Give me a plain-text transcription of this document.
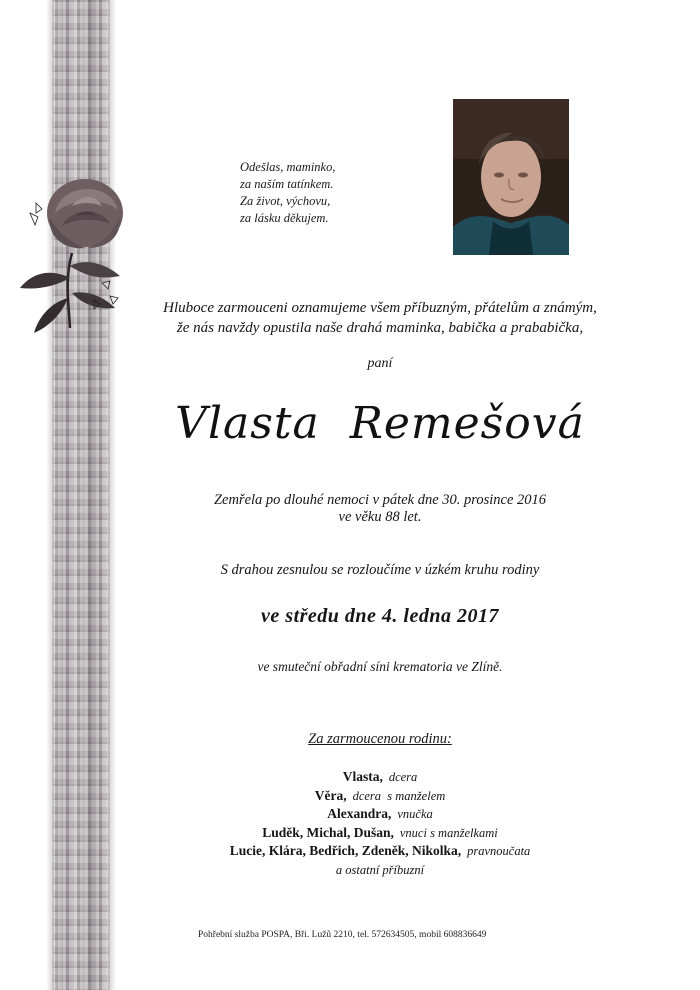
Odešlas, maminko,
za naším tatínkem.
Za život, výchovu,
za lásku děkujem.
Hluboce zarmouceni oznamujeme všem příbuzným, přátelům a známým,
že nás navždy opustila naše drahá maminka, babička a prababička,
paní
Vlasta  Remešová
Zemřela po dlouhé nemoci v pátek dne 30. prosince 2016
ve věku 88 let.
S drahou zesnulou se rozloučíme v úzkém kruhu rodiny
ve středu dne 4. ledna 2017
ve smuteční obřadní síni krematoria ve Zlíně.
Za zarmoucenou rodinu:
Vlasta, dcera
Věra, dcera  s manželem
Alexandra, vnučka
Luděk, Michal, Dušan, vnuci s manželkami
Lucie, Klára, Bedřich, Zdeněk, Nikolka, pravnoučata
a ostatní příbuzní
Pohřební služba POSPA, Bři. Lužů 2210, tel. 572634505, mobil 608836649
